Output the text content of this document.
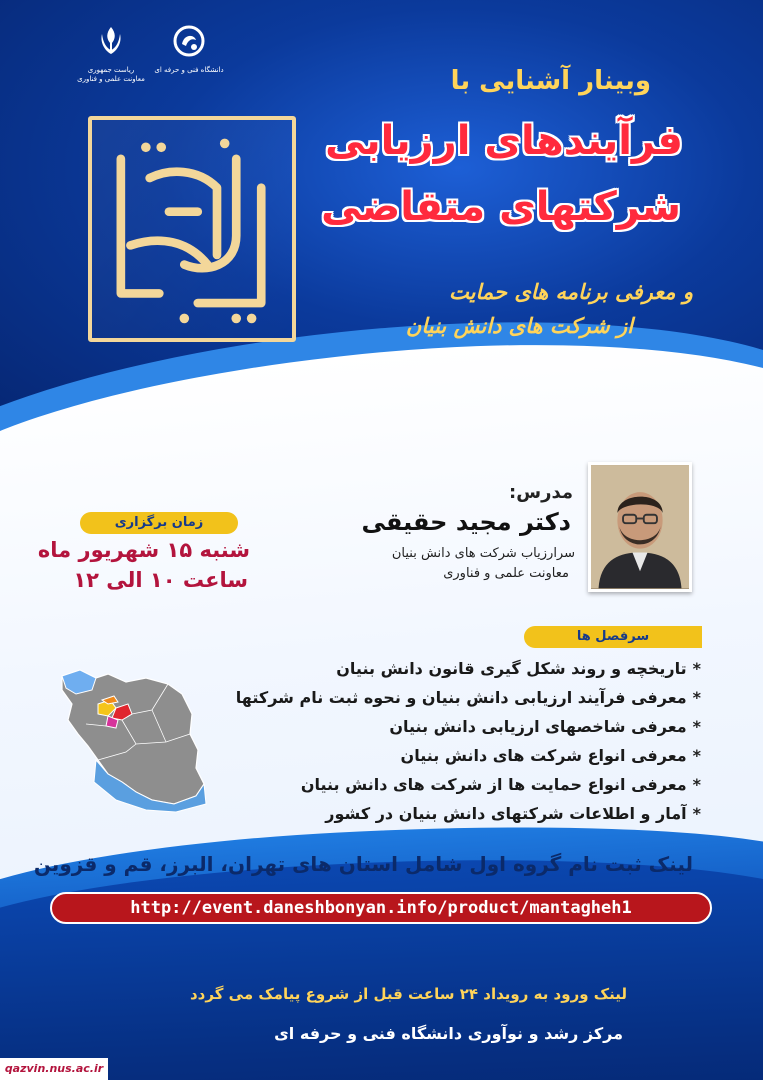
ریاست جمهوری
معاونت علمی و فناوری
دانشگاه فنی و حرفه ای
دانش بنیان
وبینار آشنایی با
فرآیندهای ارزیابی
شرکتهای متقاضی
و معرفی برنامه های حمایت
از شرکت های دانش بنیان
مدرس:
دکتر مجید حقیقی
سرارزیاب شرکت های دانش بنیان
معاونت علمی و فناوری
زمان برگزاری
شنبه ۱۵ شهریور ماه
ساعت ۱۰ الی ۱۲
سرفصل ها
*تاریخچه و روند شکل گیری قانون دانش بنیان
*معرفی فرآیند ارزیابی دانش بنیان و نحوه ثبت نام شرکتها
*معرفی شاخصهای ارزیابی دانش بنیان
*معرفی انواع شرکت های دانش بنیان
*معرفی انواع حمایت ها از شرکت های دانش بنیان
*آمار و اطلاعات شرکتهای دانش بنیان در کشور
لینک ثبت نام گروه اول شامل استان های تهران، البرز، قم و قزوین
http://event.daneshbonyan.info/product/mantagheh1
لینک ورود به رویداد ۲۴ ساعت قبل از شروع پیامک می گردد
مرکز رشد و نوآوری دانشگاه فنی و حرفه ای
qazvin.nus.ac.ir
